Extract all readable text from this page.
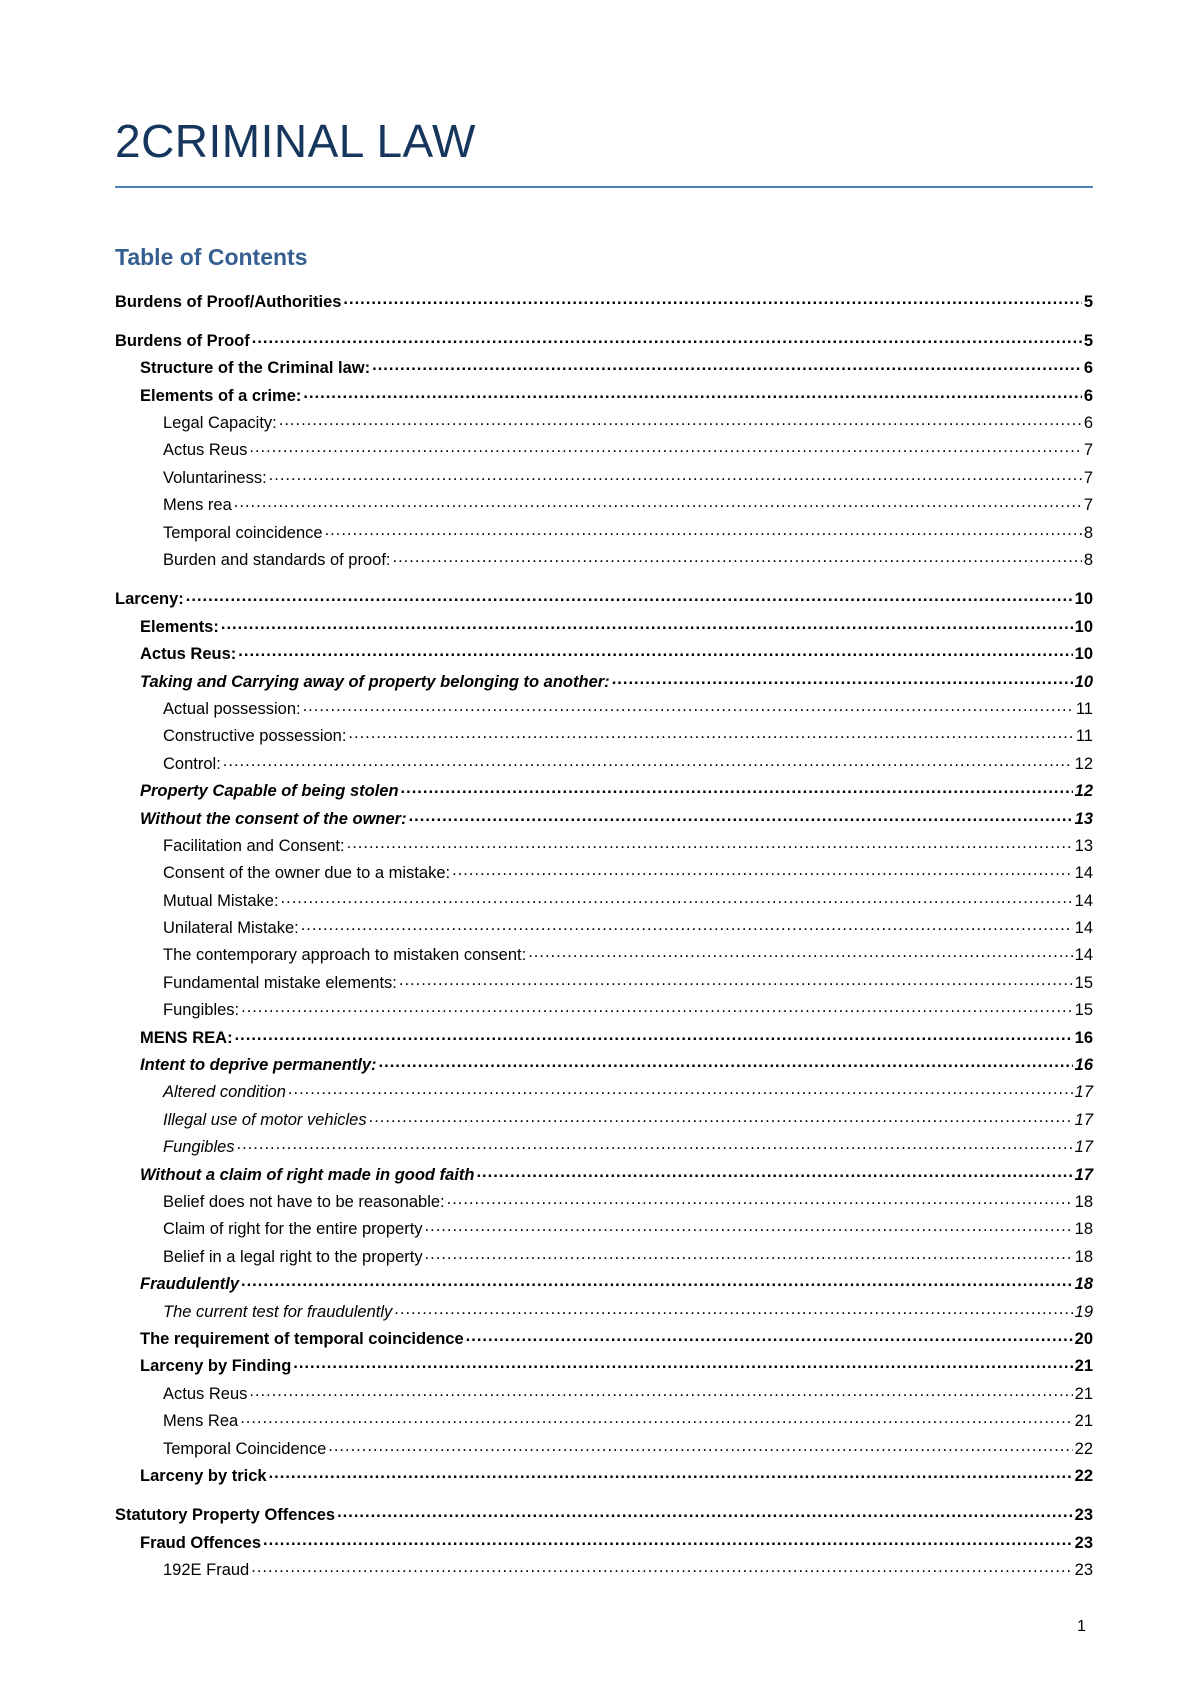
2CRIMINAL LAW
Table of Contents
Burdens of Proof/Authorities .....	5
Burdens of Proof .....	5
Structure of the Criminal law: .....	6
Elements of a crime: .....	6
Legal Capacity: .....	6
Actus Reus .....	7
Voluntariness: .....	7
Mens rea .....	7
Temporal coincidence .....	8
Burden and standards of proof: .....	8
Larceny: .....	10
Elements: .....	10
Actus Reus: .....	10
Taking and Carrying away of property belonging to another: .....	10
Actual possession: .....	11
Constructive possession: .....	11
Control: .....	12
Property Capable of being stolen .....	12
Without the consent of the owner: .....	13
Facilitation and Consent: .....	13
Consent of the owner due to a mistake: .....	14
Mutual Mistake: .....	14
Unilateral Mistake: .....	14
The contemporary approach to mistaken consent: .....	14
Fundamental mistake elements: .....	15
Fungibles: .....	15
MENS REA: .....	16
Intent to deprive permanently: .....	16
Altered condition .....	17
Illegal use of motor vehicles .....	17
Fungibles .....	17
Without a claim of right made in good faith .....	17
Belief does not have to be reasonable: .....	18
Claim of right for the entire property .....	18
Belief in a legal right to the property .....	18
Fraudulently .....	18
The current test for fraudulently .....	19
The requirement of temporal coincidence .....	20
Larceny by Finding .....	21
Actus Reus .....	21
Mens Rea .....	21
Temporal Coincidence .....	22
Larceny by trick .....	22
Statutory Property Offences .....	23
Fraud Offences .....	23
192E Fraud .....	23
1
